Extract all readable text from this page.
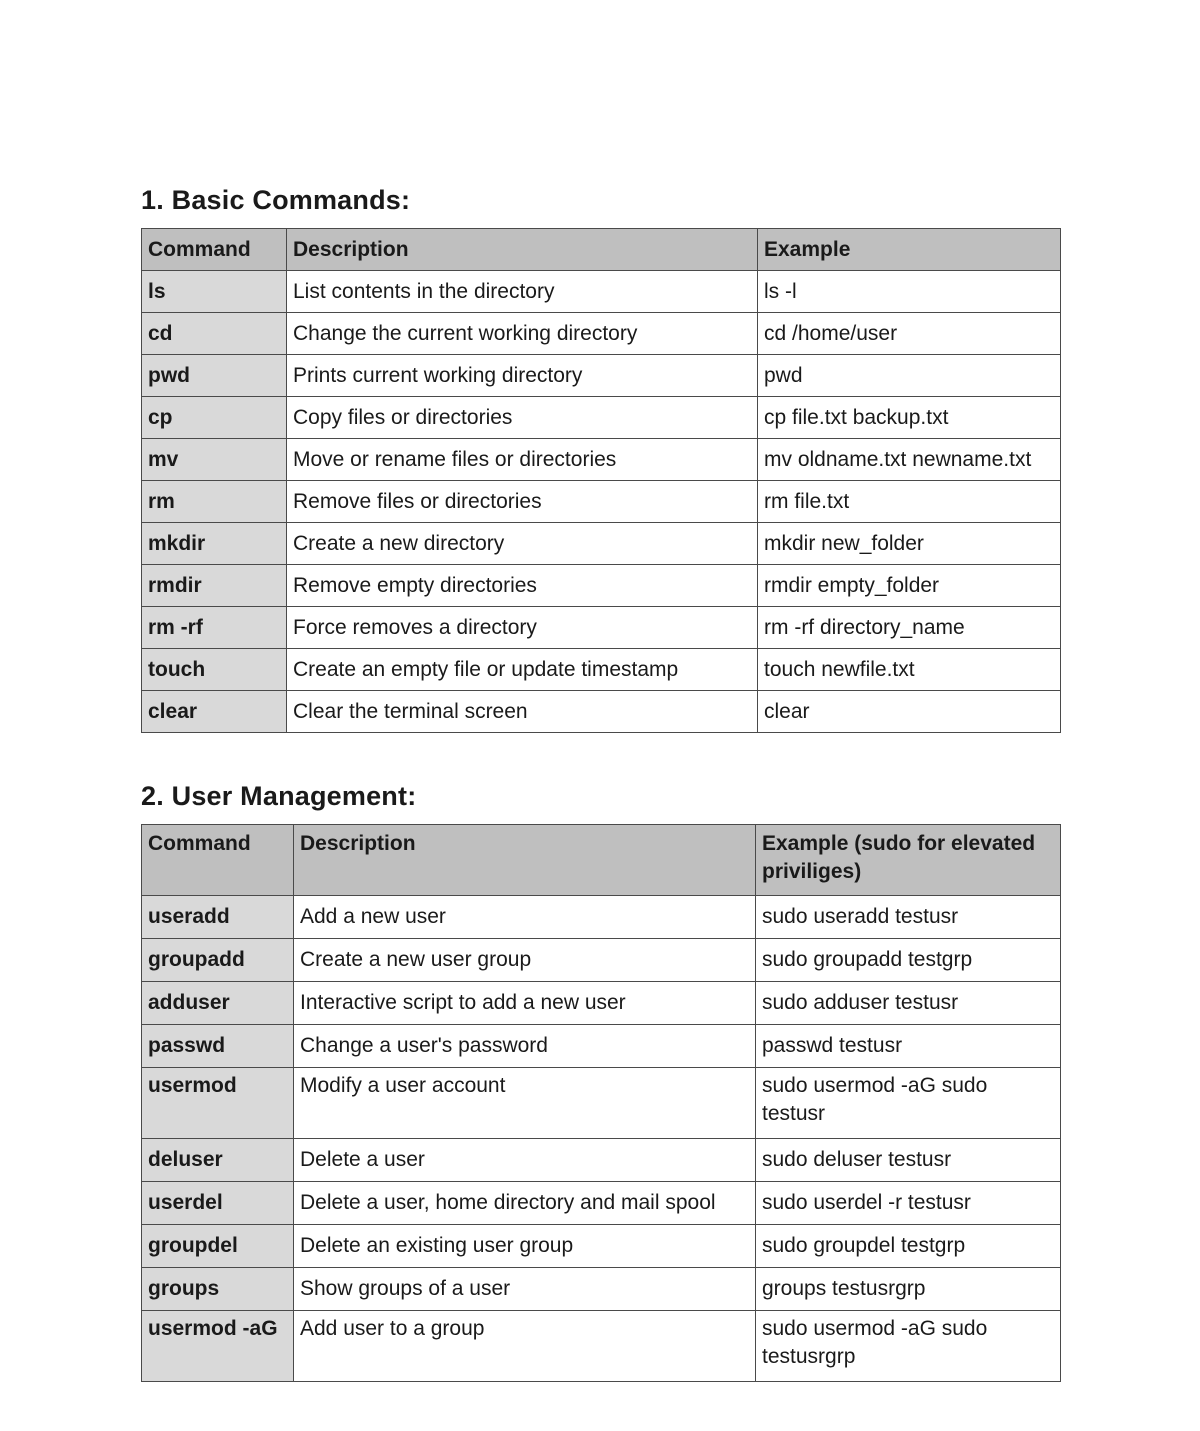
1. Basic Commands:
Command	Description	Example
ls	List contents in the directory	ls -l
cd	Change the current working directory	cd /home/user
pwd	Prints current working directory	pwd
cp	Copy files or directories	cp file.txt backup.txt
mv	Move or rename files or directories	mv oldname.txt newname.txt
rm	Remove files or directories	rm file.txt
mkdir	Create a new directory	mkdir new_folder
rmdir	Remove empty directories	rmdir empty_folder
rm -rf	Force removes a directory	rm -rf directory_name
touch	Create an empty file or update timestamp	touch newfile.txt
clear	Clear the terminal screen	clear
2. User Management:
Command	Description	Example (sudo for elevated priviliges)
useradd	Add a new user	sudo useradd testusr
groupadd	Create a new user group	sudo groupadd testgrp
adduser	Interactive script to add a new user	sudo adduser testusr
passwd	Change a user's password	passwd testusr
usermod	Modify a user account	sudo usermod -aG sudo testusr
deluser	Delete a user	sudo deluser testusr
userdel	Delete a user, home directory and mail spool	sudo userdel -r testusr
groupdel	Delete an existing user group	sudo groupdel testgrp
groups	Show groups of a user	groups testusrgrp
usermod -aG	Add user to a group	sudo usermod -aG sudo testusrgrp
